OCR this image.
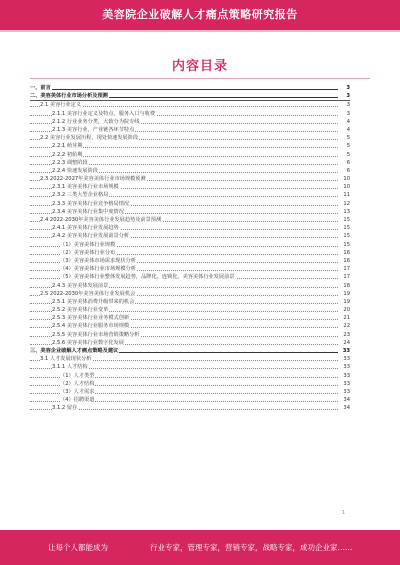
美容院企业破解人才痛点策略研究报告
内容目录
一、前言	3
二、美容美体行业市场分析及预测	3
2.1 美容行业定义	3
2.1.1 美容行业定义及特点，服务入口与收费	3
2.1.2 行业业务分类，大致分为院专线	4
2.1.3 美容行业，产业链各环节特点	4
2.2 美容行业发展历程，现处快速发展阶段	5
2.2.1 萌芽期	5
2.2.2 初始期	5
2.2.3 调整阶段	6
2.2.4 快速发展阶段	6
2.3 2022-2027年美容美体行业市场规模预测	10
2.3.1 美容美体行业市场规模	10
2.3.2 三类大型企业格局	11
2.3.3 美容美体行业竞争格局情况	12
2.3.4 美容美体行业集中度情况	13
2.4 2022-2030年美容美体行业发展趋势及前景预测	15
2.4.1 美容美体行业发展趋势	15
2.4.2 美容美体行业发展前景分析	15
（1）美容美体行业规模	15
（2）美容美体行业分布	16
（3）美容美体市场需求现状分析	16
（4）美容美体行业市场规模分析	17
（5）美容美体行业整体发展趋势，品牌化、连锁化，美容美体行业发展前景	17
2.4.3 美容美体发展前景	18
2.5 2022-2030年美容美体行业发展机会	19
2.5.1 美容美体消费升级带来的机会	19
2.5.2 美容美体行业变革	20
2.5.3 美容美体行业业务模式创新	21
2.5.4 美容美体行业服务市场规模	22
2.5.5 美容美体行业市场营销策略分析	23
2.5.6 美容美体行业数字化发展	24
三、美容企业破解人才痛点策略及建议	33
3.1 人才发展现状分析	33
3.1.1 人才结构	33
（1）人才类型	33
（2）人才结构	33
（3）人才需求	33
（4）招聘渠道	34
3.1.2 留存	34
1
让每个人都能成为	行业专家，管理专家，营销专家，战略专家，成功企业家……
